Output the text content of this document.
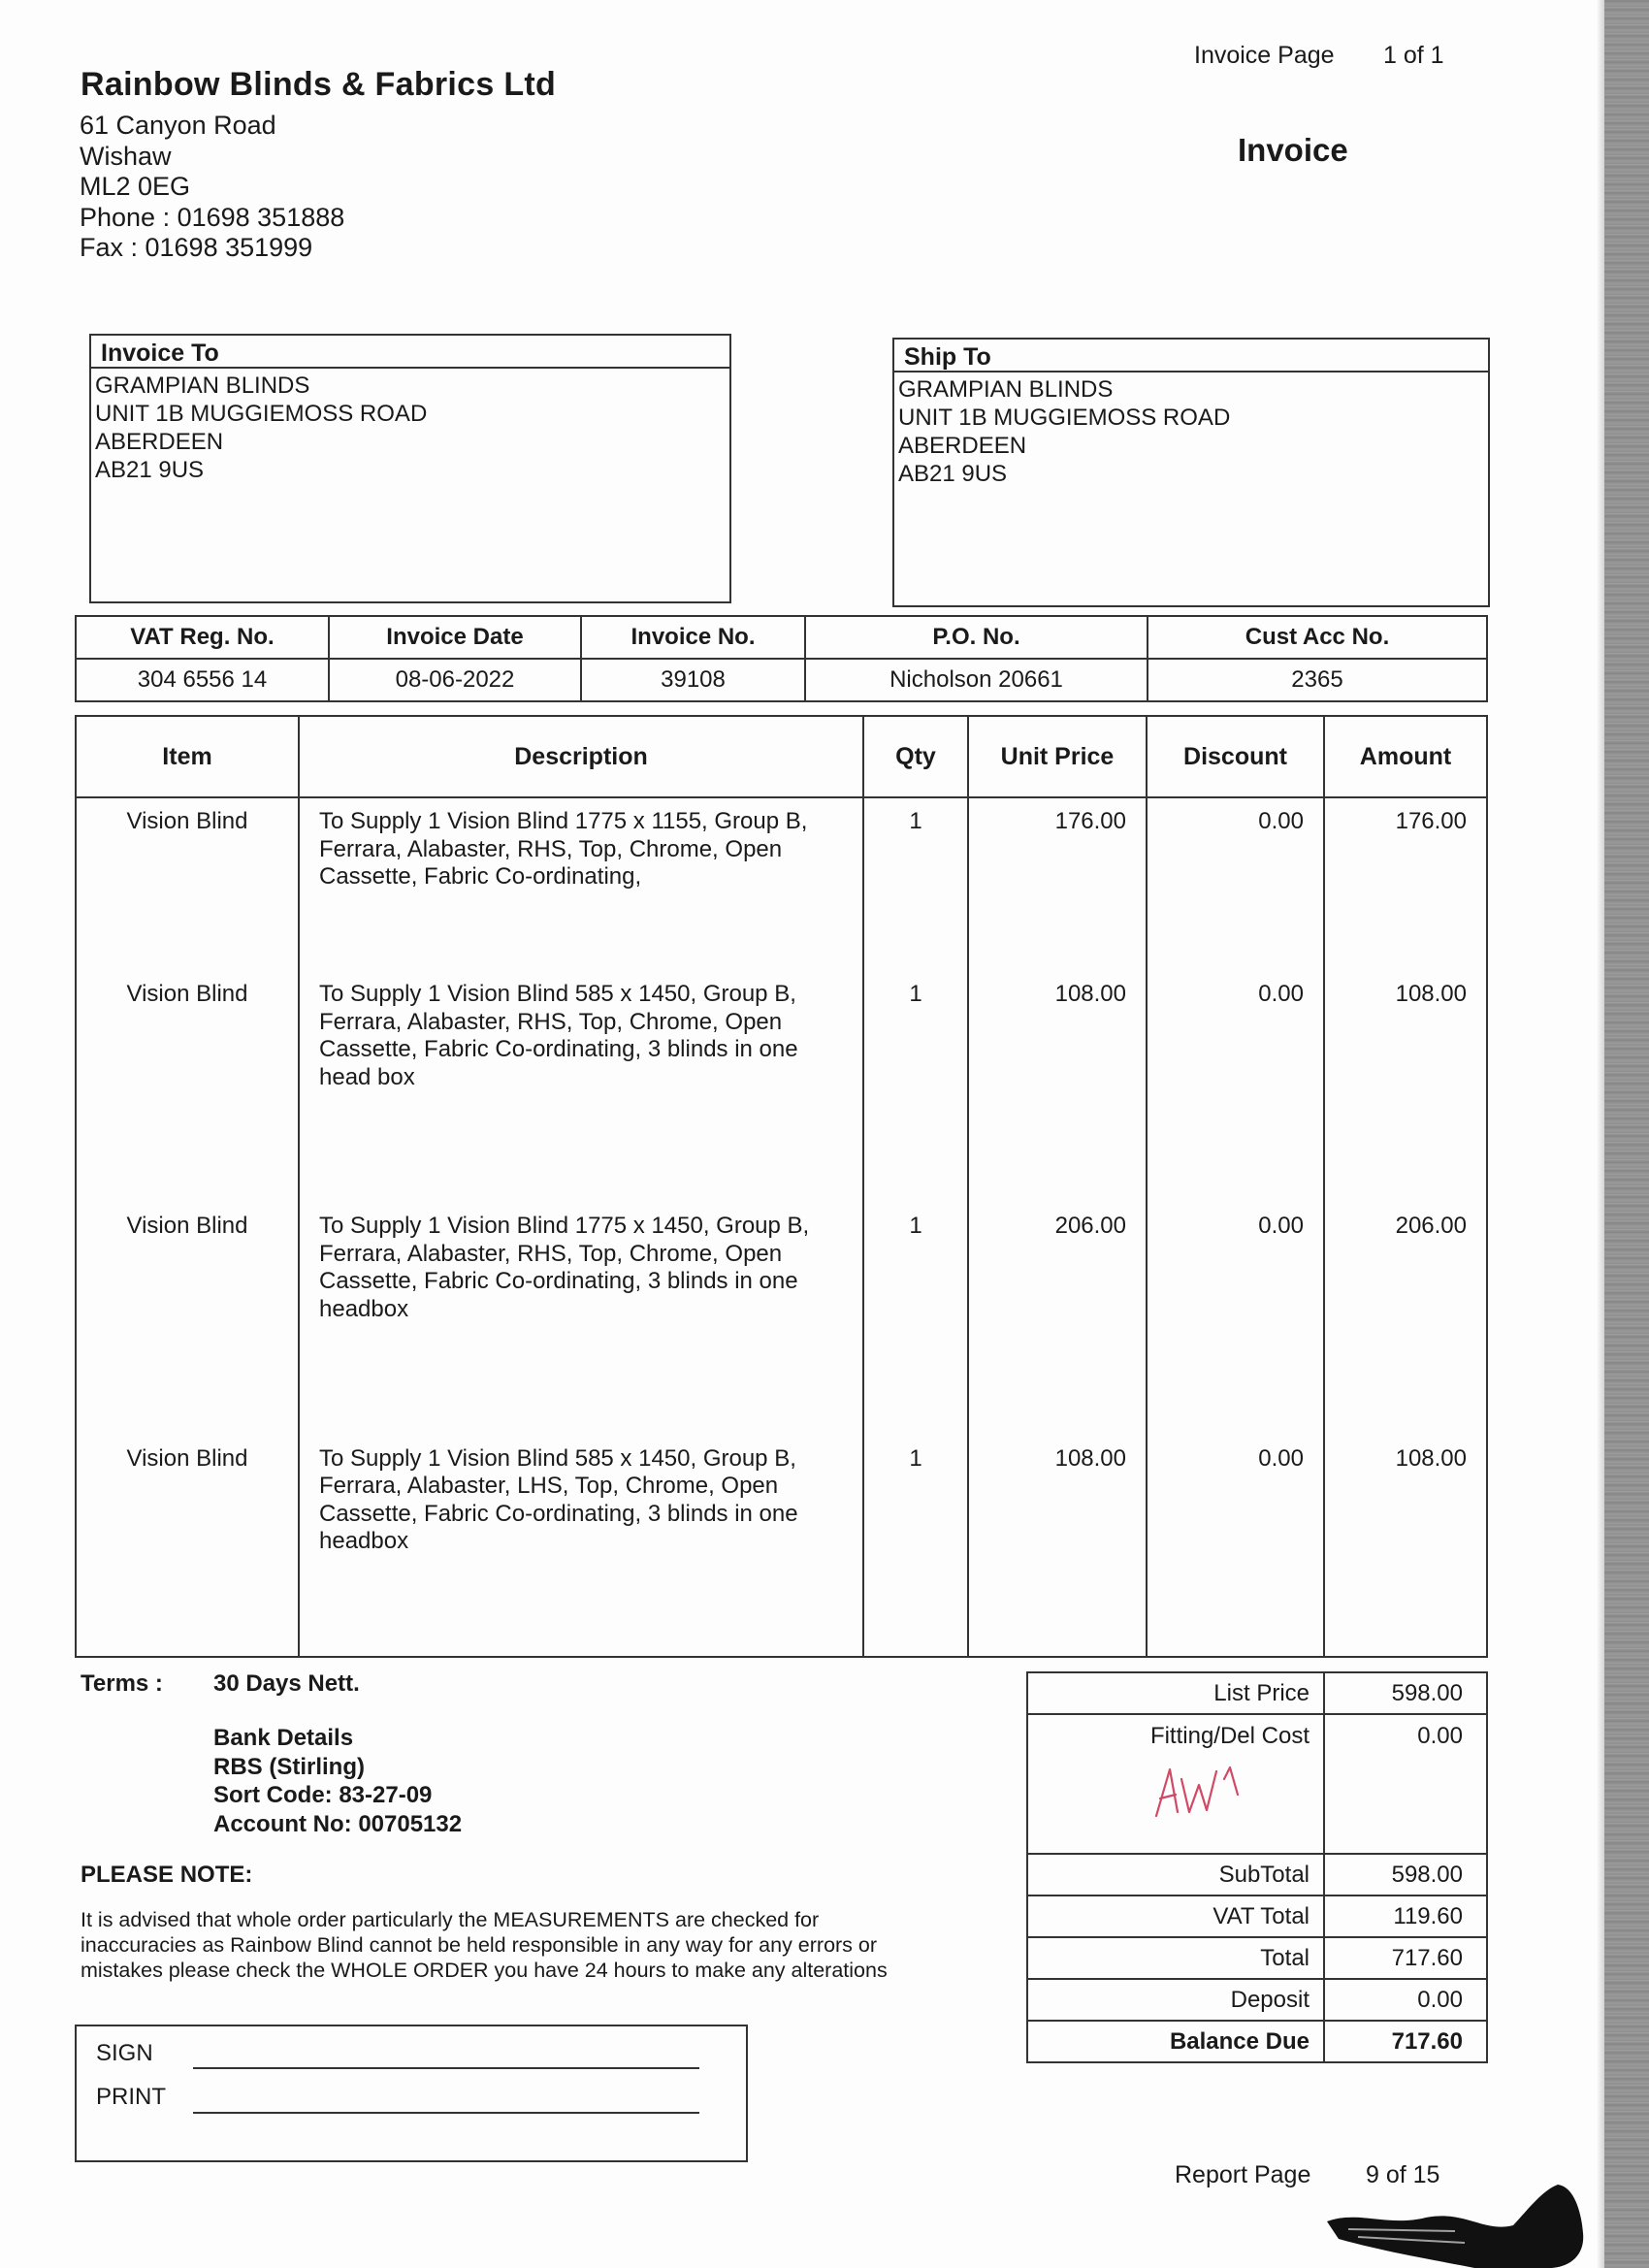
Rainbow Blinds & Fabrics Ltd
61 Canyon Road
Wishaw
ML2 0EG
Phone : 01698 351888
Fax : 01698 351999
Invoice Page 1 of 1
Invoice
Invoice To
GRAMPIAN BLINDS
UNIT 1B MUGGIEMOSS ROAD
ABERDEEN
AB21 9US
Ship To
GRAMPIAN BLINDS
UNIT 1B MUGGIEMOSS ROAD
ABERDEEN
AB21 9US
VAT Reg. No.	Invoice Date	Invoice No.	P.O. No.	Cust Acc No.
304 6556 14	08-06-2022	39108	Nicholson 20661	2365
Item	Description	Qty	Unit Price	Discount	Amount
Vision Blind	To Supply 1 Vision Blind 1775 x 1155, Group B,
Ferrara, Alabaster, RHS, Top, Chrome, Open
Cassette, Fabric Co-ordinating,	1	176.00	0.00	176.00
Vision Blind	To Supply 1 Vision Blind 585 x 1450, Group B,
Ferrara, Alabaster, RHS, Top, Chrome, Open
Cassette, Fabric Co-ordinating, 3 blinds in one
head box	1	108.00	0.00	108.00
Vision Blind	To Supply 1 Vision Blind 1775 x 1450, Group B,
Ferrara, Alabaster, RHS, Top, Chrome, Open
Cassette, Fabric Co-ordinating, 3 blinds in one
headbox	1	206.00	0.00	206.00
Vision Blind	To Supply 1 Vision Blind 585 x 1450, Group B,
Ferrara, Alabaster, LHS, Top, Chrome, Open
Cassette, Fabric Co-ordinating, 3 blinds in one
headbox	1	108.00	0.00	108.00
Terms : 30 Days Nett.
Bank Details
RBS (Stirling)
Sort Code: 83-27-09
Account No: 00705132
PLEASE NOTE:
It is advised that whole order particularly the MEASUREMENTS are checked for
inaccuracies as Rainbow Blind cannot be held responsible in any way for any errors or
mistakes please check the WHOLE ORDER you have 24 hours to make any alterations
List Price	598.00

Fitting/Del Cost	0.00
SubTotal	598.00
VAT Total	119.60
Total	717.60
Deposit	0.00
Balance Due	717.60
SIGN
PRINT
Report Page 9 of 15
